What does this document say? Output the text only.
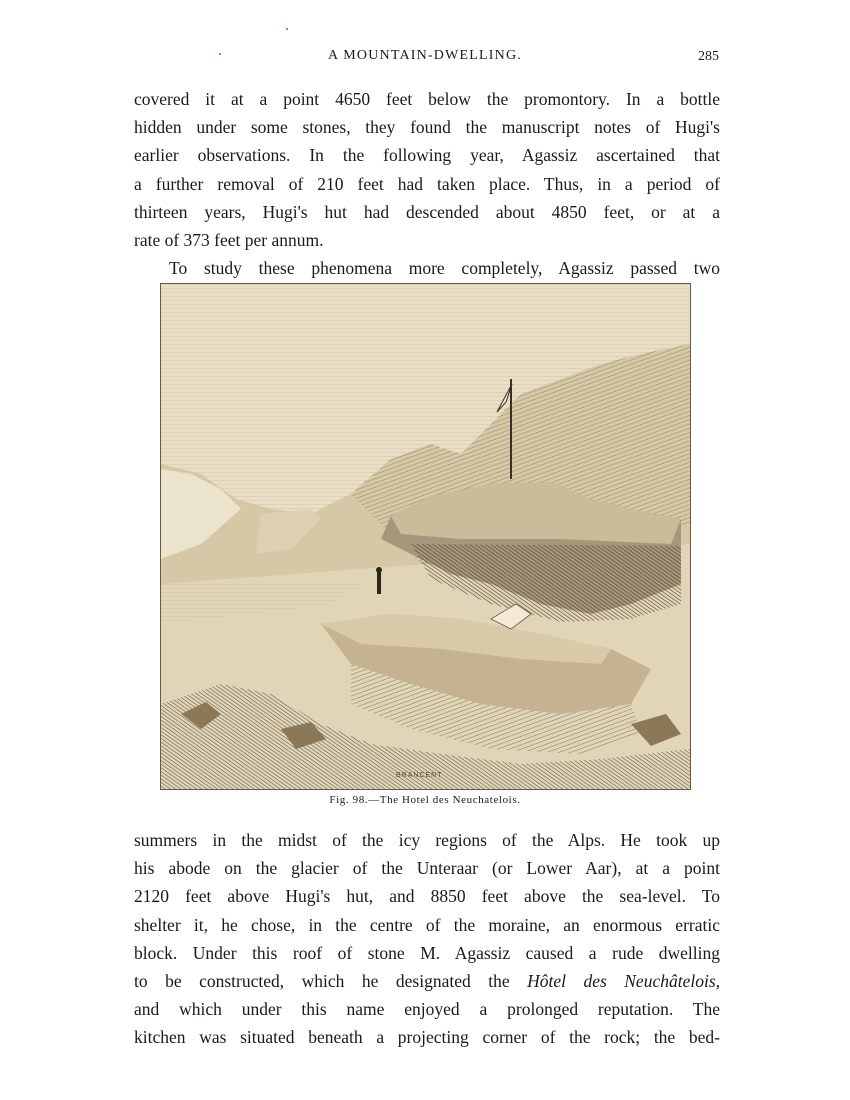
A MOUNTAIN-DWELLING.	285
covered it at a point 4650 feet below the promontory. In a bottle
hidden under some stones, they found the manuscript notes of Hugi's
earlier observations. In the following year, Agassiz ascertained that
a further removal of 210 feet had taken place. Thus, in a period of
thirteen years, Hugi's hut had descended about 4850 feet, or at a
rate of 373 feet per annum.
To study these phenomena more completely, Agassiz passed two
BRANCENT
Fig. 98.—The Hotel des Neuchatelois.
summers in the midst of the icy regions of the Alps. He took up
his abode on the glacier of the Unteraar (or Lower Aar), at a point
2120 feet above Hugi's hut, and 8850 feet above the sea-level. To
shelter it, he chose, in the centre of the moraine, an enormous erratic
block. Under this roof of stone M. Agassiz caused a rude dwelling
to be constructed, which he designated the Hôtel des Neuchâtelois,
and which under this name enjoyed a prolonged reputation. The
kitchen was situated beneath a projecting corner of the rock; the bed-
